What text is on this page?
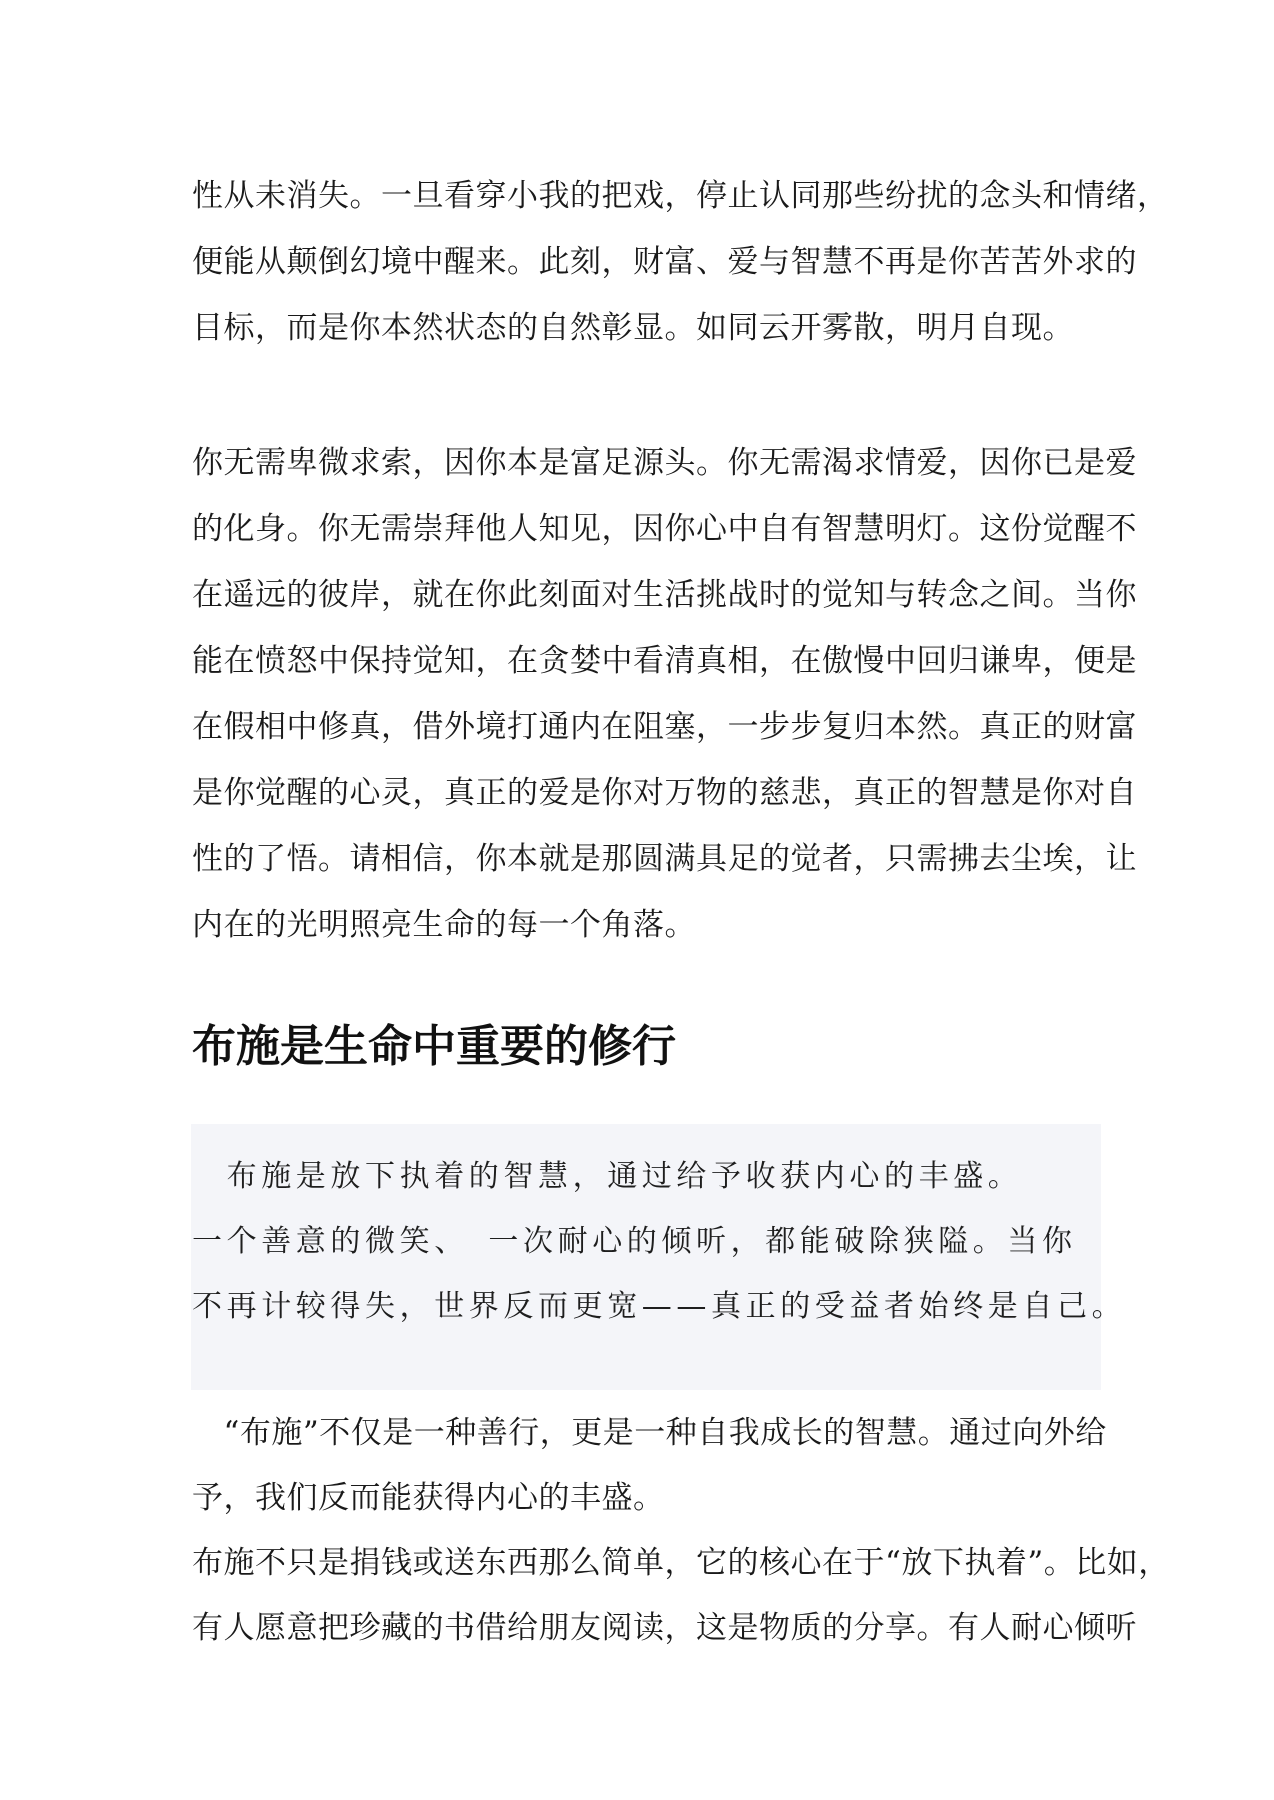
性从未消失。一旦看穿小我的把戏，停止认同那些纷扰的念头和情绪，
便能从颠倒幻境中醒来。此刻，财富、爱与智慧不再是你苦苦外求的
目标，而是你本然状态的自然彰显。如同云开雾散，明月自现。
你无需卑微求索，因你本是富足源头。你无需渴求情爱，因你已是爱
的化身。你无需崇拜他人知见，因你心中自有智慧明灯。这份觉醒不
在遥远的彼岸，就在你此刻面对生活挑战时的觉知与转念之间。当你
能在愤怒中保持觉知，在贪婪中看清真相，在傲慢中回归谦卑，便是
在假相中修真，借外境打通内在阻塞，一步步复归本然。真正的财富
是你觉醒的心灵，真正的爱是你对万物的慈悲，真正的智慧是你对自
性的了悟。请相信，你本就是那圆满具足的觉者，只需拂去尘埃，让
内在的光明照亮生命的每一个角落。
布施是生命中重要的修行
　布施是放下执着的智慧，通过给予收获内心的丰盛。
一个善意的微笑、　一次耐心的倾听，都能破除狭隘。当你
不再计较得失，世界反而更宽——真正的受益者始终是自己。
　“布施”不仅是一种善行，更是一种自我成长的智慧。通过向外给
予，我们反而能获得内心的丰盛。
布施不只是捐钱或送东西那么简单，它的核心在于“放下执着”。比如，
有人愿意把珍藏的书借给朋友阅读，这是物质的分享。有人耐心倾听
